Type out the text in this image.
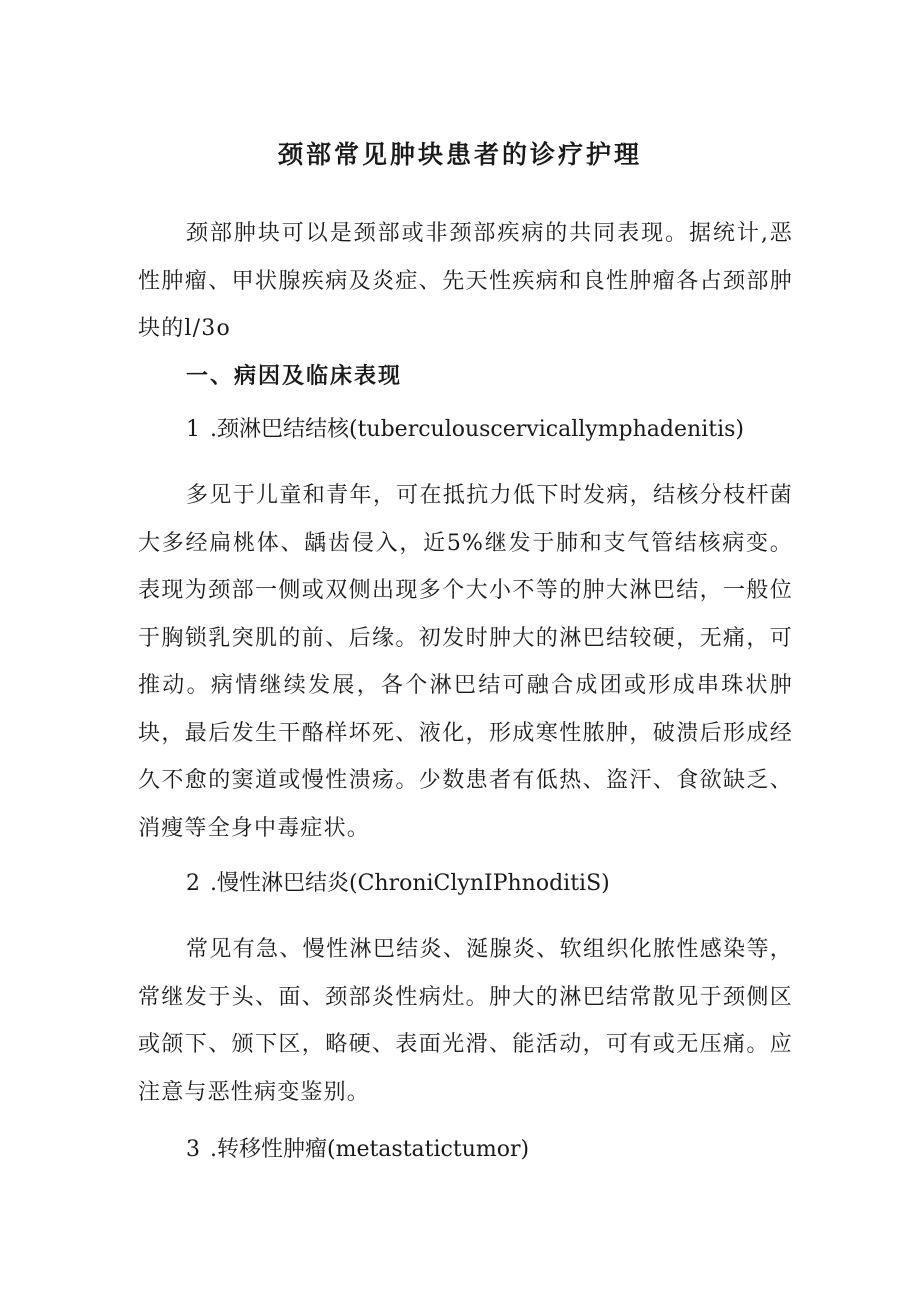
颈部常见肿块患者的诊疗护理

颈部肿块可以是颈部或非颈部疾病的共同表现。据统计,恶性肿瘤、甲状腺疾病及炎症、先天性疾病和良性肿瘤各占颈部肿块的l/3o

一、病因及临床表现
1 .颈淋巴结结核(tuberculouscervicallymphadenitis)

多见于儿童和青年，可在抵抗力低下时发病，结核分枝杆菌大多经扁桃体、龋齿侵入，近5%继发于肺和支气管结核病变。表现为颈部一侧或双侧出现多个大小不等的肿大淋巴结，一般位于胸锁乳突肌的前、后缘。初发时肿大的淋巴结较硬，无痛，可推动。病情继续发展，各个淋巴结可融合成团或形成串珠状肿块，最后发生干酪样坏死、液化，形成寒性脓肿，破溃后形成经久不愈的窦道或慢性溃疡。少数患者有低热、盗汗、食欲缺乏、消瘦等全身中毒症状。

2 .慢性淋巴结炎(ChroniClynIPhnoditiS)

常见有急、慢性淋巴结炎、涎腺炎、软组织化脓性感染等，常继发于头、面、颈部炎性病灶。肿大的淋巴结常散见于颈侧区或颌下、颁下区，略硬、表面光滑、能活动，可有或无压痛。应注意与恶性病变鉴别。

3 .转移性肿瘤(metastatictumor)
